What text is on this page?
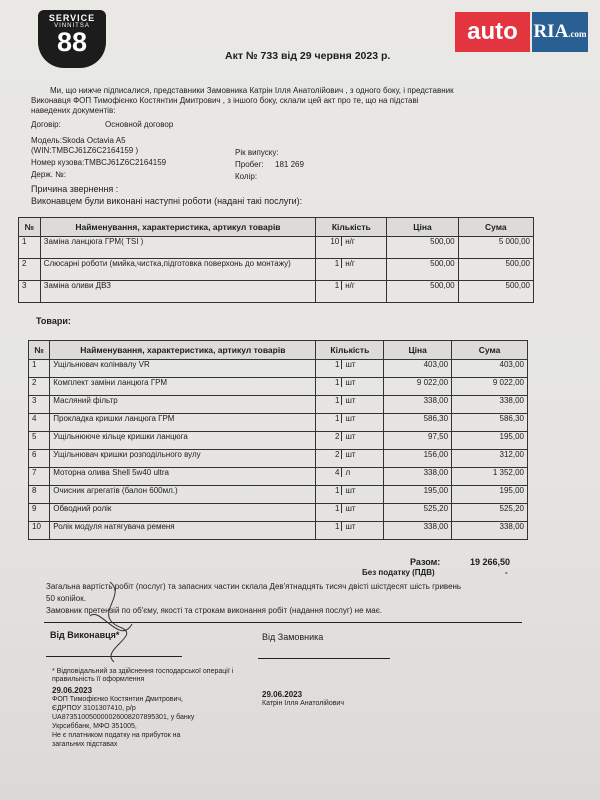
SERVICE
VINNITSA
88	auto RIA.com
Акт № 733 від 29 червня 2023 р.
Ми, що нижче підписалися, представники Замовника Катрін Ілля Анатолійович , з одного боку, і представник
Виконавця ФОП Тимофієнко Костянтин Дмитрович , з іншого боку, склали цей акт про те, що на підставі
наведених документів:
Договір:	Основной договор
Модель:Skoda Octavia A5
(WIN:TMBCJ61Z6C2164159 )
Номер кузова:TMBCJ61Z6C2164159
Держ. №:
Рік випуску:
Пробег: 181 269
Колір:
Причина звернення :
Виконавцем були виконані наступні роботи (надані такі послуги):
№	Найменування, характеристика, артикул товарів	Кількість	Ціна	Сума
1	Заміна ланцюга ГРМ( TSI )	10 н/г	500,00	5 000,00
2	Слюсарні роботи (мийка,чистка,підготовка поверхонь до монтажу)	1 н/г	500,00	500,00
3	Заміна оливи ДВЗ	1 н/г	500,00	500,00
Товари:
№	Найменування, характеристика, артикул товарів	Кількість	Ціна	Сума
1	Ущільнювач колінвалу VR	1 шт	403,00	403,00
2	Комплект заміни ланцюга ГРМ	1 шт	9 022,00	9 022,00
3	Масляний фільтр	1 шт	338,00	338,00
4	Прокладка кришки ланцюга ГРМ	1 шт	586,30	586,30
5	Ущільнююче кільце кришки ланцюга	2 шт	97,50	195,00
6	Ущільнювач кришки розподільного вулу	2 шт	156,00	312,00
7	Моторна олива Shell 5w40 ultra	4 л	338,00	1 352,00
8	Очисник агрегатів (балон 600мл.)	1 шт	195,00	195,00
9	Обводний ролік	1 шт	525,20	525,20
10	Ролік модуля натягувача ременя	1 шт	338,00	338,00
Разом:	19 266,50
Без податку (ПДВ)	-
Загальна вартість робіт (послуг) та запасних частин склала Дев'ятнадцять тисяч двісті шістдесят шість гривень
50 копійок.
Замовник претензій по об'єму, якості та строкам виконання робіт (надання послуг) не має.
Від Виконавця*	Від Замовника
* Відповідальний за здійснення господарської операції і
правильність її оформлення
29.06.2023
ФОП Тимофієнко Костянтин Дмитрович,
ЄДРПОУ 3101307410, р/р
UA873510050000026008207895301, у банку
Укрсиббанк, МФО 351005,
Не є платником податку на прибуток на
загальних підставах
29.06.2023
Катрін Ілля Анатолійович
